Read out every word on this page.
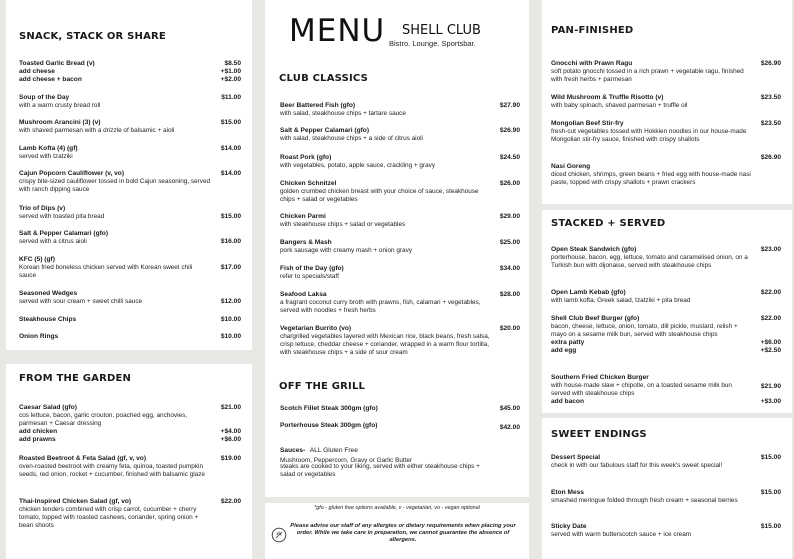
SNACK, STACK OR SHARE
Toasted Garlic Bread (v)	$8.50
add cheese	+$1.00
add cheese + bacon	+$2.00
Soup of the Day
with a warm crusty bread roll
$11.00
Mushroom Arancini (3) (v)
with shaved parmesan with a drizzle of balsamic + aioli
$15.00
Lamb Kofta (4) (gf)
served with tzatziki
$14.00
Cajun Popcorn Cauliflower (v, vo)
crispy bite-sized cauliflower tossed in bold Cajun seasoning, served with ranch dipping sauce
$14.00
Trio of Dips (v)
served with toasted pita bread	$15.00
Salt & Pepper Calamari (gfo)
served with a citrus aioli	$16.00
KFC (5) (gf)
Korean fried boneless chicken served with Korean sweet chili sauce
$17.00
Seasoned Wedges
served with sour cream + sweet chilli sauce	$12.00
Steakhouse Chips	$10.00
Onion Rings	$10.00
FROM THE GARDEN
Caesar Salad (gfo)
cos lettuce, bacon, garlic crouton, poached egg, anchovies, parmesan + Caesar dressing
$21.00
add chicken	+$4.00
add prawns	+$6.00
Roasted Beetroot & Feta Salad (gf, v, vo)
oven-roasted beetroot with creamy feta, quinoa, toasted pumpkin seeds, red onion, rocket + cucumber, finished with balsamic glaze
$19.00
Thai-Inspired Chicken Salad (gf, vo)
chicken tenders combined with crisp carrot, cucumber + cherry tomato, topped with roasted cashews, coriander, spring onion + bean shoots
$22.00
MENU SHELL CLUB
Bistro. Lounge. Sportsbar.
CLUB CLASSICS
Beer Battered Fish (gfo)
with salad, steakhouse chips + tartare sauce
$27.90
Salt & Pepper Calamari (gfo)
with salad, steakhouse chips + a side of citrus aioli
$26.90
Roast Pork (gfo)
with vegetables, potato, apple sauce, crackling + gravy
$24.50
Chicken Schnitzel
golden crumbed chicken breast with your choice of sauce, steakhouse chips + salad or vegetables
$26.00
Chicken Parmi
with steakhouse chips + salad or vegetables
$29.00
Bangers & Mash
pork sausage with creamy mash + onion gravy
$25.00
Fish of the Day (gfo)
refer to specials/staff
$34.00
Seafood Laksa
a fragrant coconut curry broth with prawns, fish, calamari + vegetables, served with noodles + fresh herbs
$28.00
Vegetarian Burrito (vo)
chargrilled vegetables layered with Mexican rice, black beans, fresh salsa, crisp lettuce, cheddar cheese + coriander, wrapped in a warm flour tortilla, with steakhouse chips + a side of sour cream
$20.00
OFF THE GRILL
Scotch Fillet Steak 300gm (gfo)	$45.00
Porterhouse Steak 300gm (gfo)	$42.00
Sauces- ALL Gluten Free
Mushroom, Peppercorn, Gravy or Garlic Butter
steaks are cooked to your liking, served with either steakhouse chips + salad or vegetables
*gfo - gluten free options available, v - vegetarian, vo - vegan optional
Please advise our staff of any allergies or dietary requirements when placing your order. While we take care in preparation, we cannot guarantee the absence of allergens.
PAN-FINISHED
Gnocchi with Prawn Ragu
soft potato gnocchi tossed in a rich prawn + vegetable ragu, finished with fresh herbs + parmesan
$26.90
Wild Mushroom & Truffle Risotto (v)
with baby spinach, shaved parmesan + truffle oil
$23.50
Mongolian Beef Stir-fry
fresh-cut vegetables tossed with Hokkien noodles in our house-made Mongolian stir-fry sauce, finished with crispy shallots
$23.50
Nasi Goreng
diced chicken, shrimps, green beans + fried egg with house-made nasi paste, topped with crispy shallots + prawn crackers
$26.90
STACKED + SERVED
Open Steak Sandwich (gfo)
porterhouse, bacon, egg, lettuce, tomato and caramelised onion, on a Turkish bun with dijonaise, served with steakhouse chips
$23.00
Open Lamb Kebab (gfo)
with lamb kofta, Greek salad, tzatziki + pita bread
$22.00
Shell Club Beef Burger (gfo)
bacon, cheese, lettuce, onion, tomato, dill pickle, mustard, relish + mayo on a sesame milk bun, served with steakhouse chips
$22.00
extra patty	+$6.00
add egg	+$2.50
Southern Fried Chicken Burger
with house-made slaw + chipotle, on a toasted sesame milk bun served with steakhouse chips
$21.90
add bacon	+$3.00
SWEET ENDINGS
Dessert Special
check in with our fabulous staff for this week's sweet special!
$15.00
Eton Mess
smashed meringue folded through fresh cream + seasonal berries
$15.00
Sticky Date
served with warm butterscotch sauce + ice cream
$15.00
